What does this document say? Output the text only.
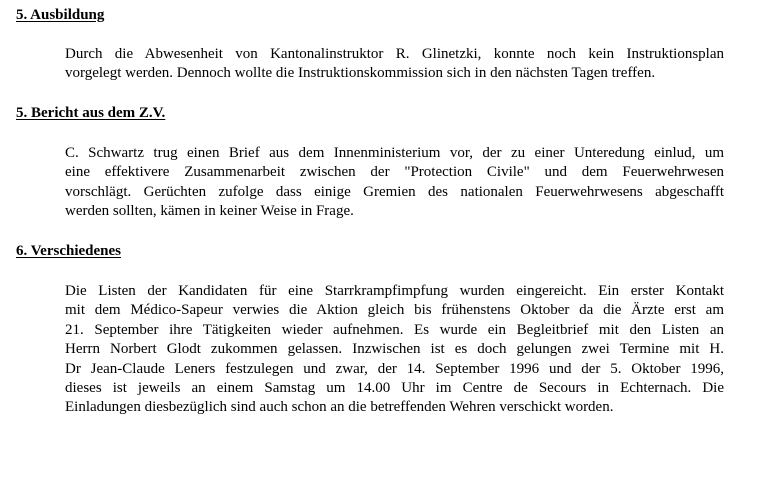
5. Ausbildung
Durch die Abwesenheit von Kantonalinstruktor R. Glinetzki, konnte noch kein Instruktionsplan
vorgelegt werden. Dennoch wollte die Instruktionskommission sich in den nächsten Tagen treffen.
5. Bericht aus dem Z.V.
C. Schwartz trug einen Brief aus dem Innenministerium vor, der zu einer Unteredung einlud, um
eine effektivere Zusammenarbeit zwischen der "Protection Civile" und dem Feuerwehrwesen
vorschlägt. Gerüchten zufolge dass einige Gremien des nationalen Feuerwehrwesens abgeschafft
werden sollten, kämen in keiner Weise in Frage.
6. Verschiedenes
Die Listen der Kandidaten für eine Starrkrampfimpfung wurden eingereicht. Ein erster Kontakt
mit dem Médico-Sapeur verwies die Aktion gleich bis frühenstens Oktober da die Ärzte erst am
21. September ihre Tätigkeiten wieder aufnehmen. Es wurde ein Begleitbrief mit den Listen an
Herrn Norbert Glodt zukommen gelassen. Inzwischen ist es doch gelungen zwei Termine mit H.
Dr Jean-Claude Leners festzulegen und zwar, der 14. September 1996 und der 5. Oktober 1996,
dieses ist jeweils an einem Samstag um 14.00 Uhr im Centre de Secours in Echternach. Die
Einladungen diesbezüglich sind auch schon an die betreffenden Wehren verschickt worden.
